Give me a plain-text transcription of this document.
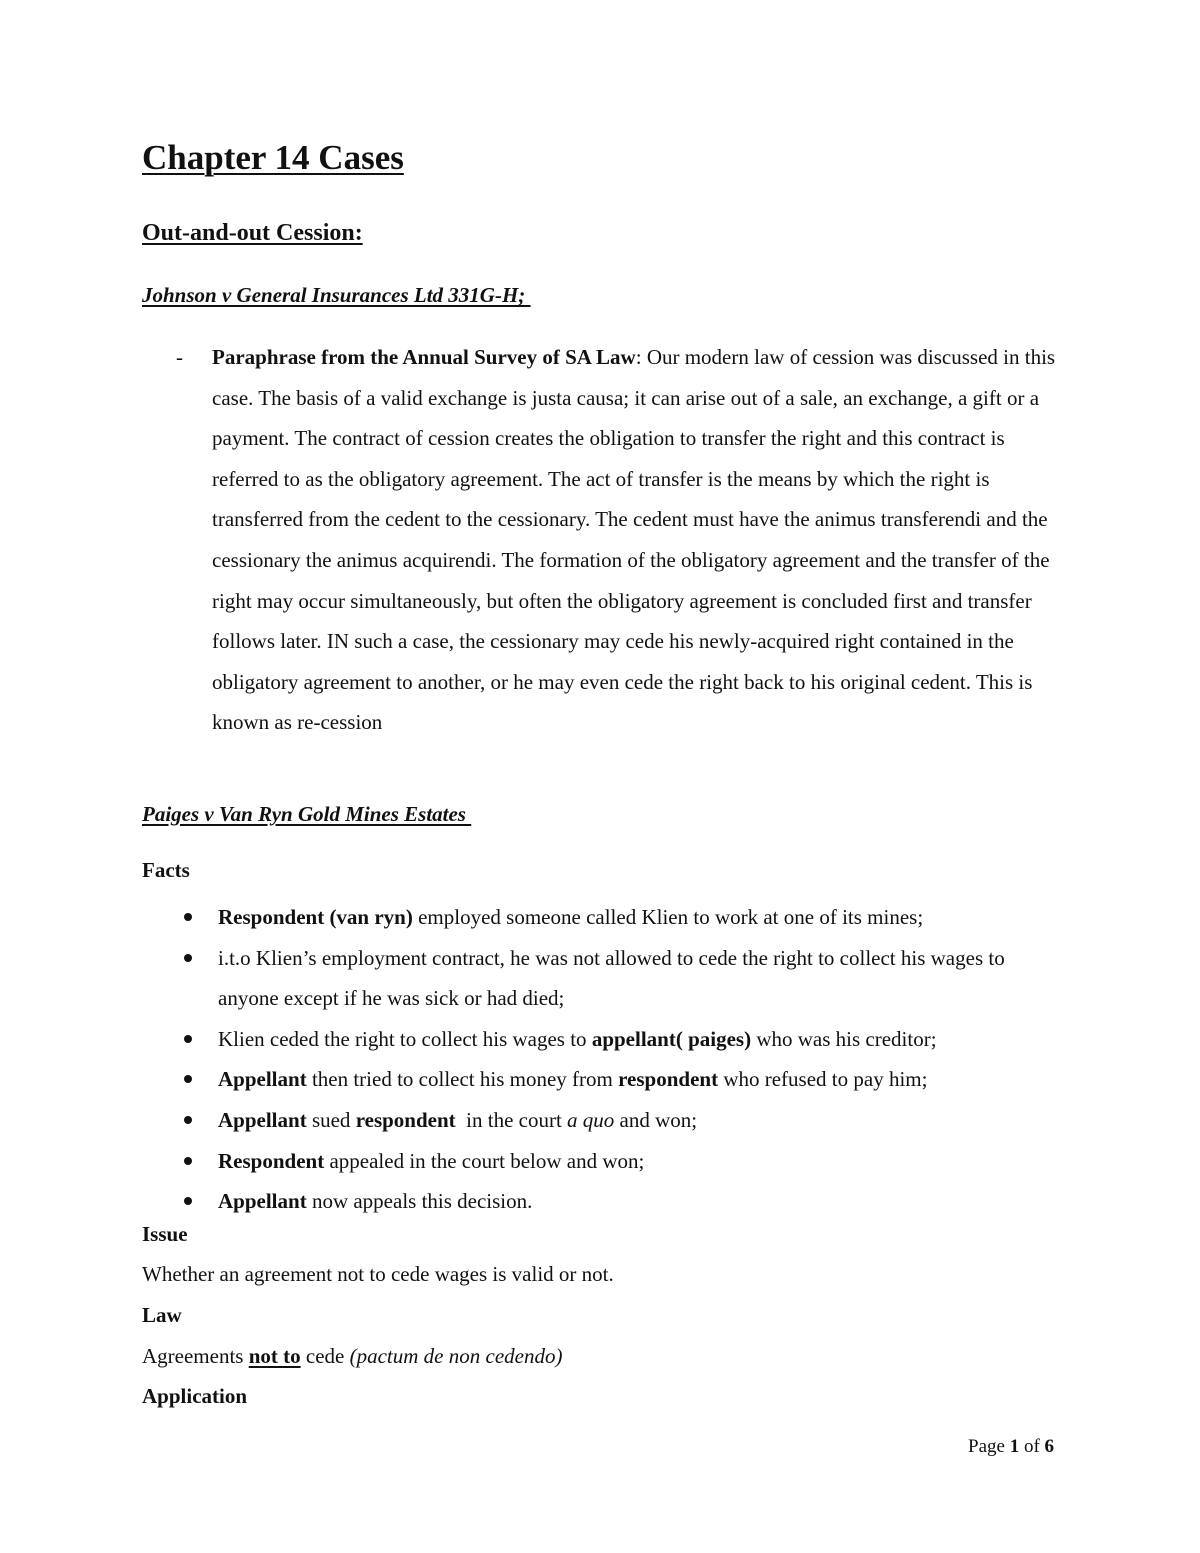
Chapter 14 Cases
Out-and-out Cession:

Johnson v General Insurances Ltd 331G-H;

- Paraphrase from the Annual Survey of SA Law: Our modern law of cession was discussed in this case. The basis of a valid exchange is justa causa; it can arise out of a sale, an exchange, a gift or a payment. The contract of cession creates the obligation to transfer the right and this contract is referred to as the obligatory agreement. The act of transfer is the means by which the right is transferred from the cedent to the cessionary. The cedent must have the animus transferendi and the cessionary the animus acquirendi. The formation of the obligatory agreement and the transfer of the right may occur simultaneously, but often the obligatory agreement is concluded first and transfer follows later. IN such a case, the cessionary may cede his newly-acquired right contained in the obligatory agreement to another, or he may even cede the right back to his original cedent. This is known as re-cession

Paiges v Van Ryn Gold Mines Estates

Facts

Respondent (van ryn) employed someone called Klien to work at one of its mines;
i.t.o Klien’s employment contract, he was not allowed to cede the right to collect his wages to anyone except if he was sick or had died;
Klien ceded the right to collect his wages to appellant( paiges) who was his creditor;
Appellant then tried to collect his money from respondent who refused to pay him;
Appellant sued respondent  in the court a quo and won;
Respondent appealed in the court below and won;
Appellant now appeals this decision.

Issue

Whether an agreement not to cede wages is valid or not.

Law

Agreements not to cede (pactum de non cedendo)

Application

Page 1 of 6
